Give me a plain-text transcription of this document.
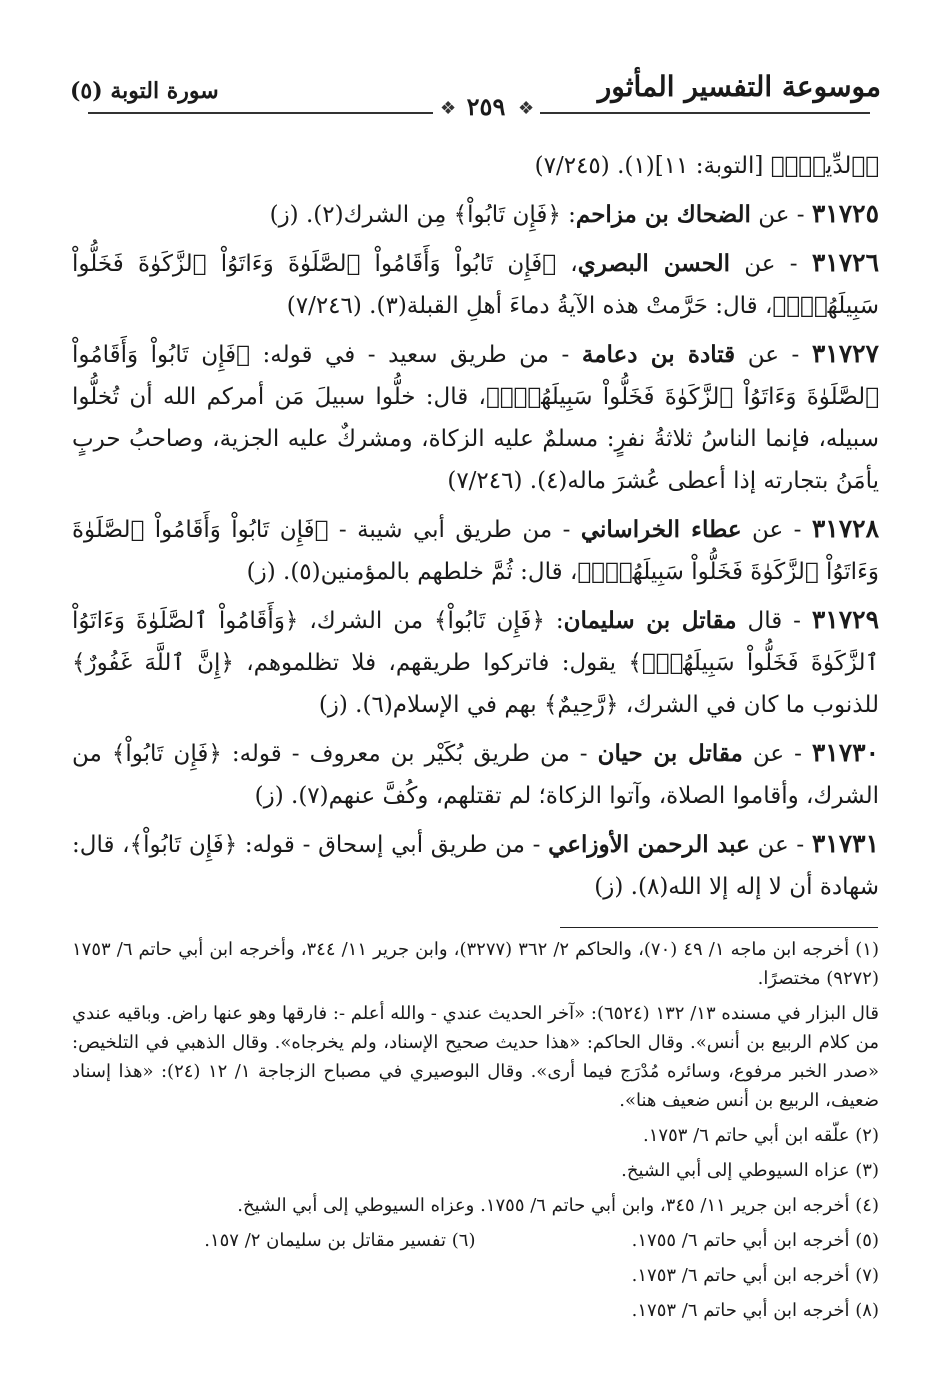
سورة التوبة (٥)	موسوعة التفسير المأثور
❖ ٢٥٩ ❖

﴿ٱلدِّينِۗ﴾ [التوبة: ١١](١). (٧/٢٤٥)

٣١٧٢٥ - عن الضحاك بن مزاحم: ﴿فَإِن تَابُواْ﴾ مِن الشرك(٢). (ز)

٣١٧٢٦ - عن الحسن البصري، ﴿فَإِن تَابُواْ وَأَقَامُواْ ٱلصَّلَوٰةَ وَءَاتَوُاْ ٱلزَّكَوٰةَ فَخَلُّواْ سَبِيلَهُمْۚ﴾، قال: حَرَّمتْ هذه الآيةُ دماءَ أهلِ القبلة(٣). (٧/٢٤٦)

٣١٧٢٧ - عن قتادة بن دعامة - من طريق سعيد - في قوله: ﴿فَإِن تَابُواْ وَأَقَامُواْ ٱلصَّلَوٰةَ وَءَاتَوُاْ ٱلزَّكَوٰةَ فَخَلُّواْ سَبِيلَهُمْۚ﴾، قال: خلُّوا سبيلَ مَن أمركم الله أن تُخلُّوا سبيله، فإنما الناسُ ثلاثةُ نفرٍ: مسلمٌ عليه الزكاة، ومشركٌ عليه الجزية، وصاحبُ حربٍ يأمَنُ بتجارته إذا أعطى عُشرَ ماله(٤). (٧/٢٤٦)

٣١٧٢٨ - عن عطاء الخراساني - من طريق أبي شيبة - ﴿فَإِن تَابُواْ وَأَقَامُواْ ٱلصَّلَوٰةَ وَءَاتَوُاْ ٱلزَّكَوٰةَ فَخَلُّواْ سَبِيلَهُمْۚ﴾، قال: ثُمَّ خلطهم بالمؤمنين(٥). (ز)

٣١٧٢٩ - قال مقاتل بن سليمان: ﴿فَإِن تَابُواْ﴾ من الشرك، ﴿وَأَقَامُواْ ٱلصَّلَوٰةَ وَءَاتَوُاْ ٱلزَّكَوٰةَ فَخَلُّواْ سَبِيلَهُمْۚ﴾ يقول: فاتركوا طريقهم، فلا تظلموهم، ﴿إِنَّ ٱللَّهَ غَفُورٌ﴾ للذنوب ما كان في الشرك، ﴿رَّحِيمٌ﴾ بهم في الإسلام(٦). (ز)

٣١٧٣٠ - عن مقاتل بن حيان - من طريق بُكَيْر بن معروف - قوله: ﴿فَإِن تَابُواْ﴾ من الشرك، وأقاموا الصلاة، وآتوا الزكاة؛ لم تقتلهم، وكُفَّ عنهم(٧). (ز)

٣١٧٣١ - عن عبد الرحمن الأوزاعي - من طريق أبي إسحاق - قوله: ﴿فَإِن تَابُواْ﴾، قال: شهادة أن لا إله إلا الله(٨). (ز)

(١) أخرجه ابن ماجه ١/ ٤٩ (٧٠)، والحاكم ٢/ ٣٦٢ (٣٢٧٧)، وابن جرير ١١/ ٣٤٤، وأخرجه ابن أبي حاتم ٦/ ١٧٥٣ (٩٢٧٢) مختصرًا.

قال البزار في مسنده ١٣/ ١٣٢ (٦٥٢٤): «آخر الحديث عندي - والله أعلم -: فارقها وهو عنها راض. وباقيه عندي من كلام الربيع بن أنس». وقال الحاكم: «هذا حديث صحيح الإسناد، ولم يخرجاه». وقال الذهبي في التلخيص: «صدر الخبر مرفوع، وسائره مُدْرَج فيما أرى». وقال البوصيري في مصباح الزجاجة ١/ ١٢ (٢٤): «هذا إسناد ضعيف، الربيع بن أنس ضعيف هنا».

(٢) علّقه ابن أبي حاتم ٦/ ١٧٥٣.

(٣) عزاه السيوطي إلى أبي الشيخ.

(٤) أخرجه ابن جرير ١١/ ٣٤٥، وابن أبي حاتم ٦/ ١٧٥٥. وعزاه السيوطي إلى أبي الشيخ.

(٥) أخرجه ابن أبي حاتم ٦/ ١٧٥٥.
(٦) تفسير مقاتل بن سليمان ٢/ ١٥٧.

(٧) أخرجه ابن أبي حاتم ٦/ ١٧٥٣.

(٨) أخرجه ابن أبي حاتم ٦/ ١٧٥٣.
